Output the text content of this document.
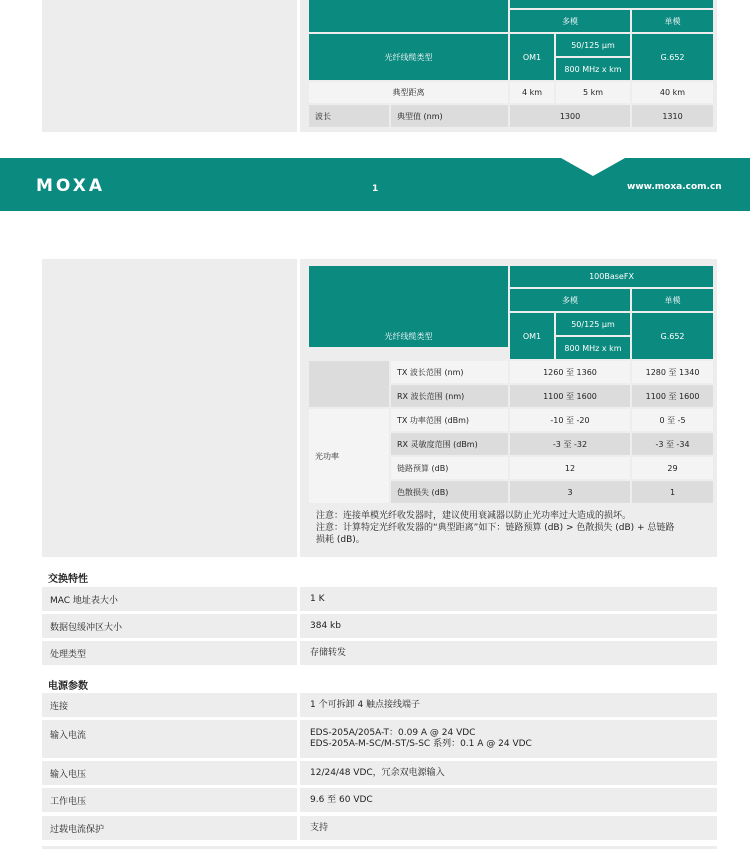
		多模		单模
光纤线缆类型		OM1	50/125 μm	G.652
			800 MHz x km	
典型距离		4 km	5 km	40 km
波长	典型值 (nm)	1300		1310
MOXA	1	www.moxa.com.cn
		100BaseFX		
		多模		单模
		OM1	50/125 μm	G.652
光纤线缆类型			800 MHz x km	
	TX 波长范围 (nm)	1260 至 1360		1280 至 1340
	RX 波长范围 (nm)	1100 至 1600		1100 至 1600
光功率	TX 功率范围 (dBm)	-10 至 -20		0 至 -5
	RX 灵敏度范围 (dBm)	-3 至 -32		-3 至 -34
	链路预算 (dB)	12		29
	色散损失 (dB)	3		1
注意：连接单模光纤收发器时，建议使用衰减器以防止光功率过大造成的损坏。
注意：计算特定光纤收发器的“典型距离”如下：链路预算 (dB) > 色散损失 (dB) + 总链路
损耗 (dB)。
交换特性
MAC 地址表大小	1 K
数据包缓冲区大小	384 kb
处理类型	存储转发
电源参数
连接	1 个可拆卸 4 触点接线端子
输入电流	EDS-205A/205A-T：0.09 A @ 24 VDC
EDS-205A-M-SC/M-ST/S-SC 系列：0.1 A @ 24 VDC
输入电压	12/24/48 VDC，冗余双电源输入
工作电压	9.6 至 60 VDC
过载电流保护	支持
